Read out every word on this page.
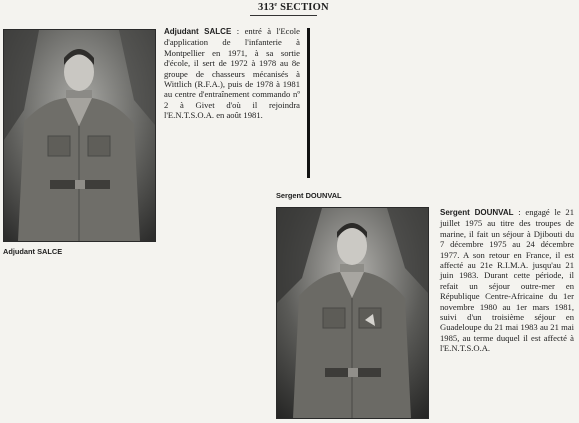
313e SECTION
Adjudant SALCE
Adjudant SALCE : entré à l'Ecole d'application de l'infanterie à Montpellier en 1971, à sa sortie d'école, il sert de 1972 à 1978 au 8e groupe de chasseurs mécanisés à Wittlich (R.F.A.), puis de 1978 à 1981 au centre d'entraînement commando nº 2 à Givet d'où il rejoindra l'E.N.T.S.O.A. en août 1981.
Sergent DOUNVAL
Sergent DOUNVAL : engagé le 21 juillet 1975 au titre des troupes de marine, il fait un séjour à Djibouti du 7 décembre 1975 au 24 décembre 1977. A son retour en France, il est affecté au 21e R.I.M.A. jusqu'au 21 juin 1983. Durant cette période, il refait un séjour outre-mer en République Centre-Africaine du 1er novembre 1980 au 1er mars 1981, suivi d'un troisième séjour en Guadeloupe du 21 mai 1983 au 21 mai 1985, au terme duquel il est affecté à l'E.N.T.S.O.A.
